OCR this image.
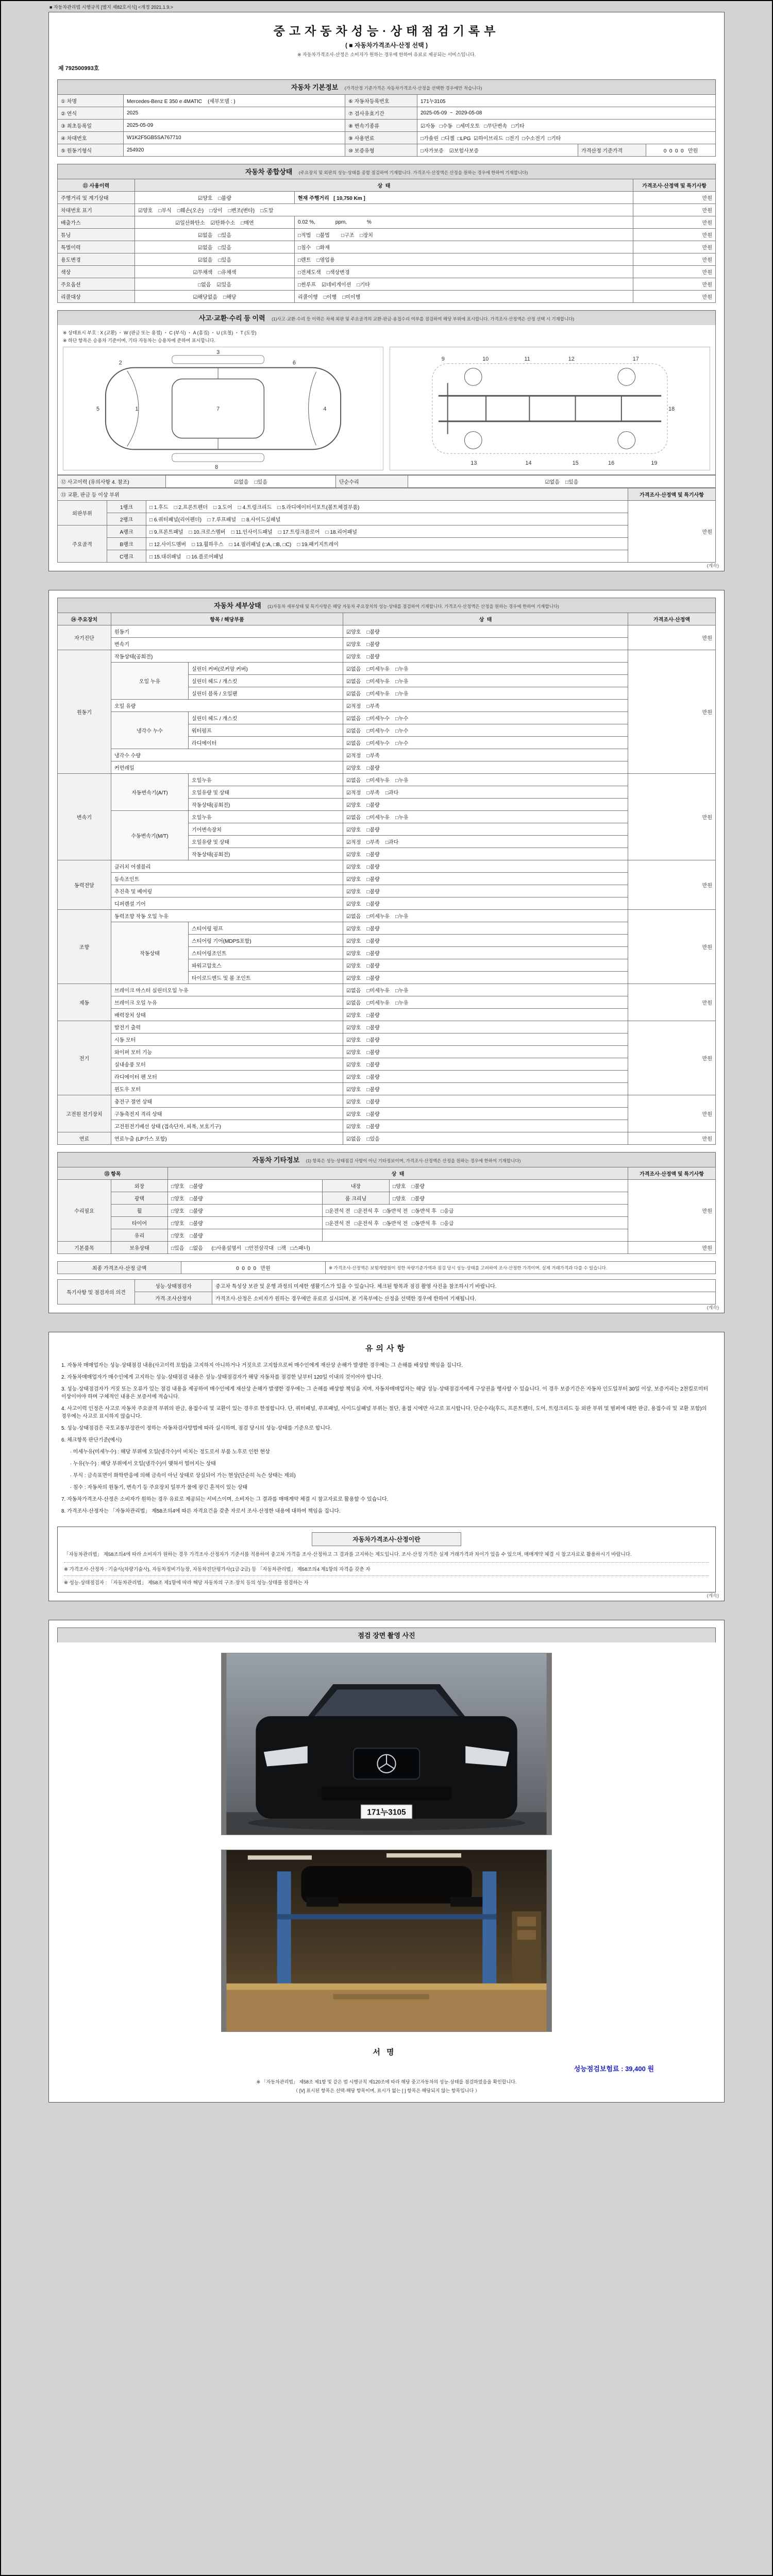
■ 자동차관리법 시행규칙 [별지 제82호서식] <개정 2021.1.9.>
중고자동차성능·상태점검기록부
( ■ 자동차가격조사·산정 선택 )
※ 자동차가격조사·산정은 소비자가 원하는 경우에 한하여 유료로 제공되는 서비스입니다.
제 792500993호
자동차 기본정보 (가격산정 기준가격은 자동차가격조사·산정을 선택한 경우에만 적습니다)
① 차명	Mercedes-Benz E 350 e 4MATIC    (세부모델 : )	⑥ 자동차등록번호	171누3105		
② 연식	2025	⑦ 검사유효기간	2025-05-09  ~  2029-05-08		
③ 최초등록일	2025-05-09	⑧ 변속기종류	☑자동   □수동   □세미오토   □무단변속   □기타		
④ 차대번호	W1K2F5GB5SA767710	⑨ 사용연료	□가솔린  □디젤  □LPG  ☑하이브리드  □전기  □수소전기  □기타		
⑤ 원동기형식	254920	⑩ 보증유형	□자가보증    ☑보험사보증	가격산정 기준가격	0  0  0  0   만원
자동차 종합상태 (주요장치 및 외판의 성능·상태를 종합 점검하여 기재합니다. 가격조사·산정액은 산정을 원하는 경우에 한하여 기재합니다)
⑪ 사용이력	상  태		가격조사·산정액 및 특기사항
주행거리 및 계기상태	☑양호    □불량	현재 주행거리   [ 10,750 Km ]	만원
차대번호 표기	☑양호    □부식    □훼손(오손)    □상이    □변조(변타)    □도말		만원
배출가스	☑일산화탄소    ☑탄화수소    □매연	0.02 %,              ppm,              %	만원
튜닝	☑없음    □있음	□적법    □불법        □구조    □장치	만원
특별이력	☑없음    □있음	□침수    □화재	만원
용도변경	☑없음    □있음	□렌트    □영업용	만원
색상	☑무채색    □유채색	□전체도색    □색상변경	만원
주요옵션	□없음    ☑있음	□썬루프    ☑네비게이션    □기타	만원
리콜대상	☑해당없음    □해당	리콜이행    □이행    □미이행	만원
사고·교환·수리 등 이력 (1)사고·교환·수리 등 이력은 차체 외판 및 주요골격의 교환·판금·용접수리 여부를 점검하여 해당 부위에 표시합니다. 가격조사·산정액은 산정 선택 시 기재합니다)
※ 상태표시 부호 : X (교환) ・ W (판금 또는 용접) ・ C (부식) ・ A (흠집) ・ U (요철) ・ T (도장)
※ 하단 항목은 승용차 기준이며, 기타 자동차는 승용차에 준하여 표시합니다.
1
2
3
4
5
6
7
8
9	10	11	12
13	14	15	16
17
18
19
⑫ 사고이력 (유의사항 4. 참조)	☑없음    □있음	단순수리	☑없음    □있음
⑬ 교환, 판금 등 이상 부위			가격조사·산정액 및 특기사항
외판부위	1랭크	□ 1.후드    □ 2.프론트펜더    □ 3.도어    □ 4.트렁크리드    □ 5.라디에이터서포트(볼트체결부품)	만원
	2랭크	□ 6.쿼터패널(리어펜더)    □ 7.루프패널    □ 8.사이드실패널	
주요골격	A랭크	□ 9.프론트패널    □ 10.크로스멤버    □ 11.인사이드패널    □ 17.트렁크플로어    □ 18.리어패널	
	B랭크	□ 12.사이드멤버    □ 13.휠하우스    □ 14.필러패널 (□A, □B, □C)    □ 19.패키지트레이	
	C랭크	□ 15.대쉬패널    □ 16.플로어패널	
(계속)
자동차 세부상태 (1)자동차 세부상태 및 특기사항은 해당 자동차 주요장치의 성능·상태를 점검하여 기재합니다. 가격조사·산정액은 산정을 원하는 경우에 한하여 기재합니다)
⑭ 주요장치	항목 / 해당부품		상  태	가격조사·산정액
자기진단	원동기		☑양호    □불량	만원
	변속기		☑양호    □불량	
원동기	작동상태(공회전)		☑양호    □불량	만원
	오일 누유	실린더 커버(로커암 커버)	☑없음    □미세누유    □누유	
		실린더 헤드 / 개스킷	☑없음    □미세누유    □누유	
		실린더 블록 / 오일팬	☑없음    □미세누유    □누유	
	오일 유량		☑적정    □부족	
	냉각수 누수	실린더 헤드 / 개스킷	☑없음    □미세누수    □누수	
		워터펌프	☑없음    □미세누수    □누수	
		라디에이터	☑없음    □미세누수    □누수	
	냉각수 수량		☑적정    □부족	
	커먼레일		☑양호    □불량	
변속기	자동변속기(A/T)	오일누유	☑없음    □미세누유    □누유	만원
		오일유량 및 상태	☑적정    □부족    □과다	
		작동상태(공회전)	☑양호    □불량	
	수동변속기(M/T)	오일누유	☑없음    □미세누유    □누유	
		기어변속장치	☑양호    □불량	
		오일유량 및 상태	☑적정    □부족    □과다	
		작동상태(공회전)	☑양호    □불량	
동력전달	클러치 어셈블리		☑양호    □불량	만원
	등속조인트		☑양호    □불량	
	추진축 및 베어링		☑양호    □불량	
	디퍼렌셜 기어		☑양호    □불량	
조향	동력조향 작동 오일 누유		☑없음    □미세누유    □누유	만원
	작동상태	스티어링 펌프	☑양호    □불량	
		스티어링 기어(MDPS포함)	☑양호    □불량	
		스티어링조인트	☑양호    □불량	
		파워고압호스	☑양호    □불량	
		타이로드엔드 및 볼 조인트	☑양호    □불량	
제동	브레이크 마스터 실린더오일 누유		☑없음    □미세누유    □누유	만원
	브레이크 오일 누유		☑없음    □미세누유    □누유	
	배력장치 상태		☑양호    □불량	
전기	발전기 출력		☑양호    □불량	만원
	시동 모터		☑양호    □불량	
	와이퍼 모터 기능		☑양호    □불량	
	실내송풍 모터		☑양호    □불량	
	라디에이터 팬 모터		☑양호    □불량	
	윈도우 모터		☑양호    □불량	
고전원 전기장치	충전구 절연 상태		☑양호    □불량	만원
	구동축전지 격리 상태		☑양호    □불량	
	고전원전기배선 상태 (접속단자, 피복, 보호기구)		☑양호    □불량	
연료	연료누출 (LP가스 포함)		☑없음    □있음	만원
자동차 기타정보 (1) 항목은 성능·상태점검 사항이 아닌 기타정보이며, 가격조사·산정액은 산정을 원하는 경우에 한하여 기재합니다)
⑮ 항목		상  태			가격조사·산정액 및 특기사항
수리필요	외장	□양호    □불량	내장	□양호    □불량	만원
	광택	□양호    □불량	룸 크리닝	□양호    □불량	
	휠	□양호    □불량	□운전석 전   □운전석 후   □동반석 전   □동반석 후   □응급		
	타이어	□양호    □불량	□운전석 전   □운전석 후   □동반석 전   □동반석 후   □응급		
	유리	□양호    □불량			
기본품목	보유상태	□있음    □없음      (□사용설명서   □안전삼각대   □잭   □스패너)			만원
최종 가격조사·산정 금액	0  0  0  0   만원	※ 가격조사·산정액은 보험개발원이 정한 차량기준가액과 점검 당시 성능·상태를 고려하여 조사·산정한 가격이며, 실제 거래가격과 다를 수 있습니다.
특기사항 및 점검자의 의견	성능·상태점검자	중고차 특성상 보관 및 운행 과정의 미세한 생활기스가 있을 수 있습니다. 체크된 항목과 점검 촬영 사진을 참조하시기 바랍니다.
	가격·조사산정자	가격조사·산정은 소비자가 원하는 경우에만 유료로 실시되며, 본 기록부에는 산정을 선택한 경우에 한하여 기재됩니다.
(계속)
유의사항
1. 자동차 매매업자는 성능·상태점검 내용(사고이력 포함)을 고지하지 아니하거나 거짓으로 고지함으로써 매수인에게 재산상 손해가 발생한 경우에는 그 손해를 배상할 책임을 집니다.
2. 자동차매매업자가 매수인에게 고지하는 성능·상태점검 내용은 성능·상태점검자가 해당 자동차를 점검한 날부터 120일 이내의 것이어야 합니다.
3. 성능·상태점검자가 거짓 또는 오류가 있는 점검 내용을 제공하여 매수인에게 재산상 손해가 발생한 경우에는 그 손해를 배상할 책임을 지며, 자동차매매업자는 해당 성능·상태점검자에게 구상권을 행사할 수 있습니다. 이 경우 보증기간은 자동차 인도일부터 30일 이상, 보증거리는 2천킬로미터 이상이어야 하며 구체적인 내용은 보증서에 적습니다.
4. 사고이력 인정은 사고로 자동차 주요골격 부위의 판금, 용접수리 및 교환이 있는 경우로 한정합니다. 단, 쿼터패널, 루프패널, 사이드실패널 부위는 절단, 용접 시에만 사고로 표시합니다. 단순수리(후드, 프론트펜더, 도어, 트렁크리드 등 외판 부위 및 범퍼에 대한 판금, 용접수리 및 교환 포함)의 경우에는 사고로 표시하지 않습니다.
5. 성능·상태점검은 국토교통부장관이 정하는 자동차검사방법에 따라 실시하며, 점검 당시의 성능·상태를 기준으로 합니다.
6. 체크항목 판단기준(예시)
· 미세누유(미세누수) : 해당 부위에 오일(냉각수)이 비치는 정도로서 부품 노후로 인한 현상
· 누유(누수) : 해당 부위에서 오일(냉각수)이 맺혀서 떨어지는 상태
· 부식 : 금속표면이 화학반응에 의해 금속이 아닌 상태로 상실되어 가는 현상(단순히 녹슨 상태는 제외)
· 침수 : 자동차의 원동기, 변속기 등 주요장치 일부가 물에 잠긴 흔적이 있는 상태
7. 자동차가격조사·산정은 소비자가 원하는 경우 유료로 제공되는 서비스이며, 소비자는 그 결과를 매매계약 체결 시 참고자료로 활용할 수 있습니다.
8. 가격조사·산정자는 「자동차관리법」 제58조의4에 따른 자격요건을 갖춘 자로서 조사·산정한 내용에 대하여 책임을 집니다.
자동차가격조사·산정이란
「자동차관리법」 제58조의4에 따라 소비자가 원하는 경우 가격조사·산정자가 기준서를 적용하여 중고차 가격을 조사·산정하고 그 결과를 고지하는 제도입니다. 조사·산정 가격은 실제 거래가격과 차이가 있을 수 있으며, 매매계약 체결 시 참고자료로 활용하시기 바랍니다.
※ 가격조사·산정자 : 기술사(차량기술사), 자동차정비기능장, 자동차진단평가사(1급·2급) 등 「자동차관리법」 제58조의4 제1항의 자격을 갖춘 자
※ 성능·상태점검자 : 「자동차관리법」 제58조 제1항에 따라 해당 자동차의 구조·장치 등의 성능·상태를 점검하는 자
(계속)
점검 장면 촬영 사진
171누3105
서명
성능점검보험료 : 39,400 원
※ 「자동차관리법」 제58조 제1항 및 같은 법 시행규칙 제120조에 따라 해당 중고자동차의 성능·상태를 점검하였음을 확인합니다.
（ [V] 표시된 항목은 선택·해당 항목이며, 표시가 없는 [ ] 항목은 해당되지 않는 항목입니다 ）
